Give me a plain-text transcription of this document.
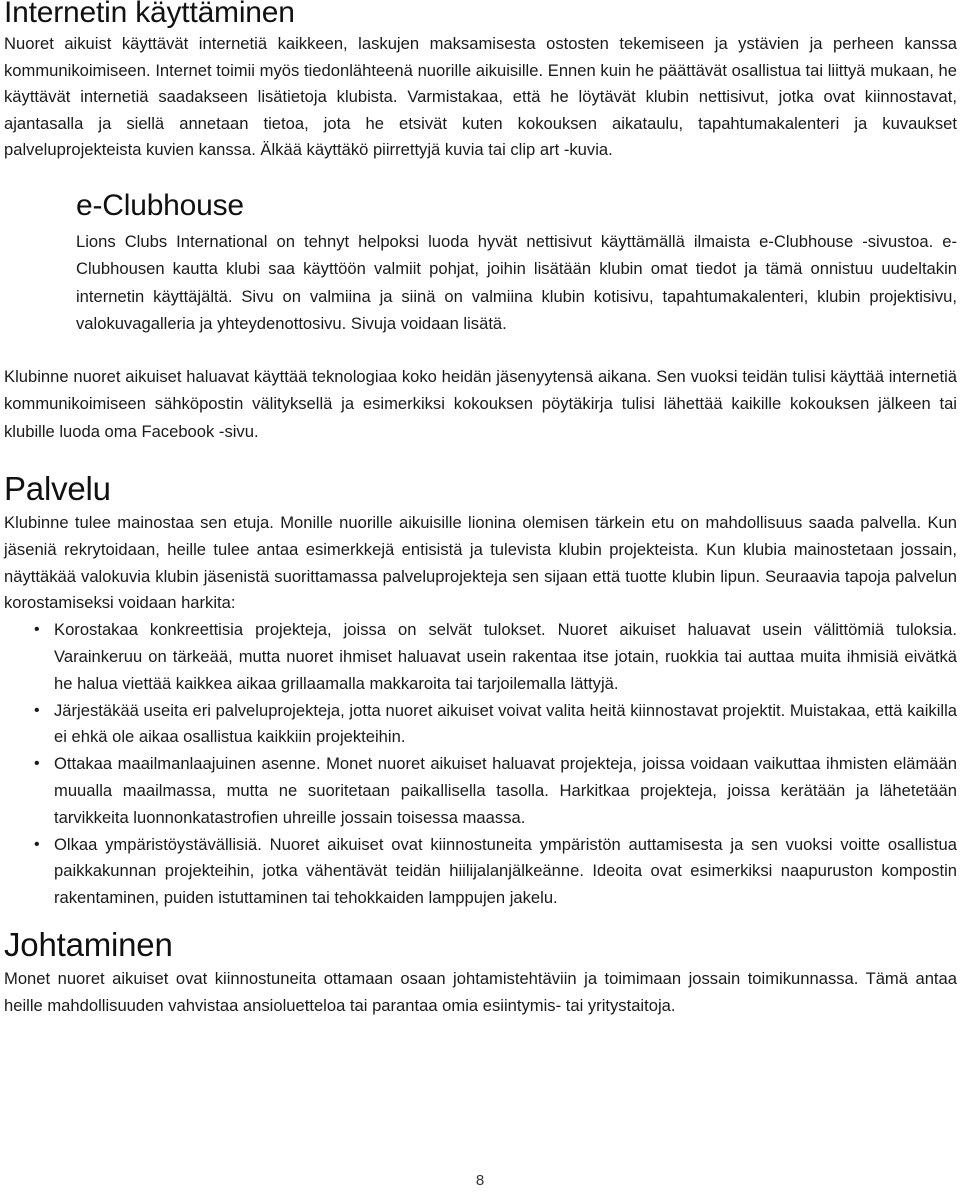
Internetin käyttäminen

Nuoret aikuist käyttävät internetiä kaikkeen, laskujen maksamisesta ostosten tekemiseen ja ystävien ja perheen kanssa kommunikoimiseen. Internet toimii myös tiedonlähteenä nuorille aikuisille. Ennen kuin he päättävät osallistua tai liittyä mukaan, he käyttävät internetiä saadakseen lisätietoja klubista. Varmistakaa, että he löytävät klubin nettisivut, jotka ovat kiinnostavat, ajantasalla ja siellä annetaan tietoa, jota he etsivät kuten kokouksen aikataulu, tapahtumakalenteri ja kuvaukset palveluprojekteista kuvien kanssa. Älkää käyttäkö piirrettyjä kuvia tai clip art -kuvia.

e-Clubhouse

Lions Clubs International on tehnyt helpoksi luoda hyvät nettisivut käyttämällä ilmaista e-Clubhouse -sivustoa. e-Clubhousen kautta klubi saa käyttöön valmiit pohjat, joihin lisätään klubin omat tiedot ja tämä onnistuu uudeltakin internetin käyttäjältä. Sivu on valmiina ja siinä on valmiina klubin kotisivu, tapahtumakalenteri, klubin projektisivu, valokuvagalleria ja yhteydenottosivu. Sivuja voidaan lisätä.

Klubinne nuoret aikuiset haluavat käyttää teknologiaa koko heidän jäsenyytensä aikana. Sen vuoksi teidän tulisi käyttää internetiä kommunikoimiseen sähköpostin välityksellä ja esimerkiksi kokouksen pöytäkirja tulisi lähettää kaikille kokouksen jälkeen tai klubille luoda oma Facebook -sivu.

Palvelu

Klubinne tulee mainostaa sen etuja. Monille nuorille aikuisille lionina olemisen tärkein etu on mahdollisuus saada palvella. Kun jäseniä rekrytoidaan, heille tulee antaa esimerkkejä entisistä ja tulevista klubin projekteista. Kun klubia mainostetaan jossain, näyttäkää valokuvia klubin jäsenistä suorittamassa palveluprojekteja sen sijaan että tuotte klubin lipun. Seuraavia tapoja palvelun korostamiseksi voidaan harkita:

• Korostakaa konkreettisia projekteja, joissa on selvät tulokset. Nuoret aikuiset haluavat usein välittömiä tuloksia. Varainkeruu on tärkeää, mutta nuoret ihmiset haluavat usein rakentaa itse jotain, ruokkia tai auttaa muita ihmisiä eivätkä he halua viettää kaikkea aikaa grillaamalla makkaroita tai tarjoilemalla lättyjä.
• Järjestäkää useita eri palveluprojekteja, jotta nuoret aikuiset voivat valita heitä kiinnostavat projektit. Muistakaa, että kaikilla ei ehkä ole aikaa osallistua kaikkiin projekteihin.
• Ottakaa maailmanlaajuinen asenne. Monet nuoret aikuiset haluavat projekteja, joissa voidaan vaikuttaa ihmisten elämään muualla maailmassa, mutta ne suoritetaan paikallisella tasolla. Harkitkaa projekteja, joissa kerätään ja lähetetään tarvikkeita luonnonkatastrofien uhreille jossain toisessa maassa.
• Olkaa ympäristöystävällisiä. Nuoret aikuiset ovat kiinnostuneita ympäristön auttamisesta ja sen vuoksi voitte osallistua paikkakunnan projekteihin, jotka vähentävät teidän hiilijalanjälkeänne. Ideoita ovat esimerkiksi naapuruston kompostin rakentaminen, puiden istuttaminen tai tehokkaiden lamppujen jakelu.
Johtaminen

Monet nuoret aikuiset ovat kiinnostuneita ottamaan osaan johtamistehtäviin ja toimimaan jossain toimikunnassa. Tämä antaa heille mahdollisuuden vahvistaa ansioluetteloa tai parantaa omia esiintymis- tai yritystaitoja.

8
